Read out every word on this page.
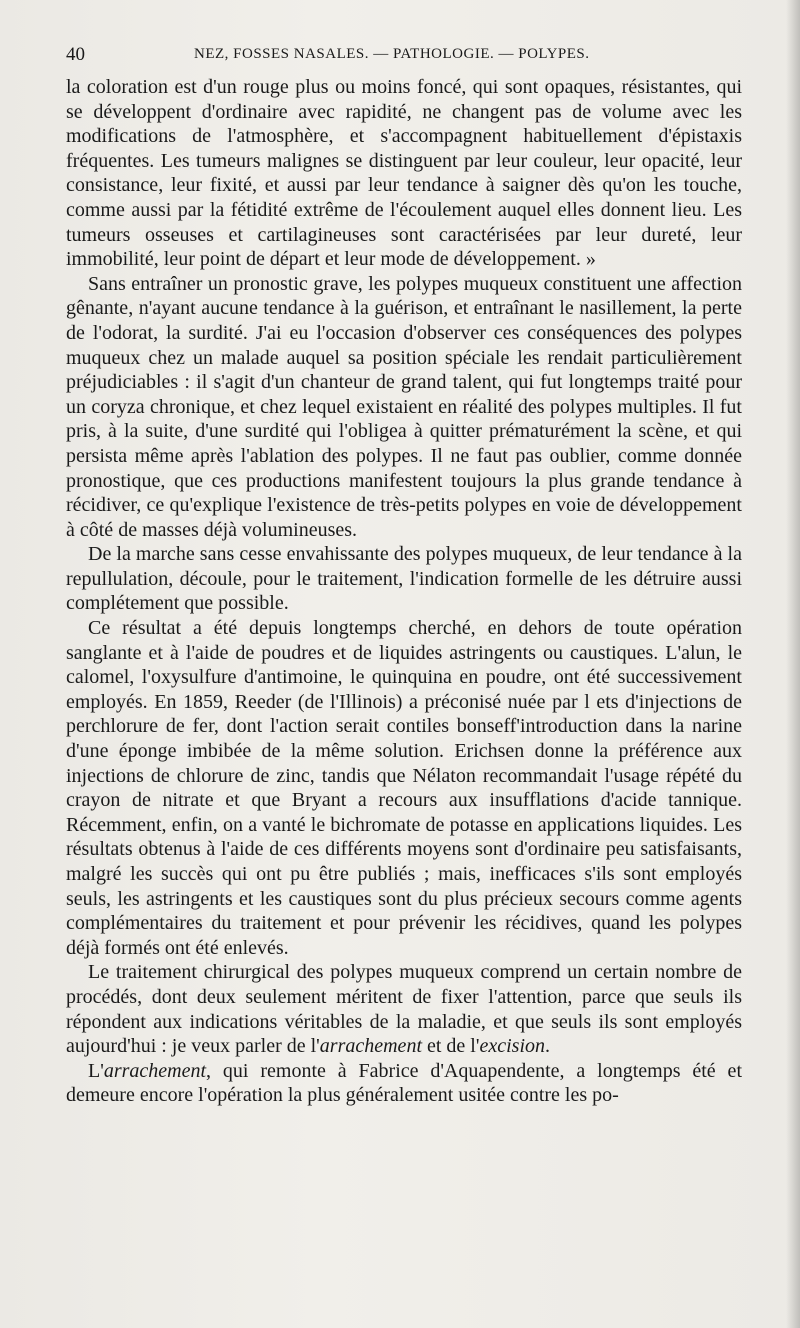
40	NEZ, FOSSES NASALES. — PATHOLOGIE. — POLYPES.

la coloration est d'un rouge plus ou moins foncé, qui sont opaques, résistantes, qui se développent d'ordinaire avec rapidité, ne changent pas de volume avec les modifications de l'atmosphère, et s'accompagnent habituellement d'épistaxis fréquentes. Les tumeurs malignes se distinguent par leur couleur, leur opacité, leur consistance, leur fixité, et aussi par leur tendance à saigner dès qu'on les touche, comme aussi par la fétidité extrême de l'écoulement auquel elles donnent lieu. Les tumeurs osseuses et cartilagineuses sont caractérisées par leur dureté, leur immobilité, leur point de départ et leur mode de développement. »

Sans entraîner un pronostic grave, les polypes muqueux constituent une affection gênante, n'ayant aucune tendance à la guérison, et entraînant le nasillement, la perte de l'odorat, la surdité. J'ai eu l'occasion d'observer ces conséquences des polypes muqueux chez un malade auquel sa position spéciale les rendait particulièrement préjudiciables : il s'agit d'un chanteur de grand talent, qui fut longtemps traité pour un coryza chronique, et chez lequel existaient en réalité des polypes multiples. Il fut pris, à la suite, d'une surdité qui l'obligea à quitter prématurément la scène, et qui persista même après l'ablation des polypes. Il ne faut pas oublier, comme donnée pronostique, que ces productions manifestent toujours la plus grande tendance à récidiver, ce qu'explique l'existence de très-petits polypes en voie de développement à côté de masses déjà volumineuses.

De la marche sans cesse envahissante des polypes muqueux, de leur tendance à la repullulation, découle, pour le traitement, l'indication formelle de les détruire aussi complétement que possible.

Ce résultat a été depuis longtemps cherché, en dehors de toute opération sanglante et à l'aide de poudres et de liquides astringents ou caustiques. L'alun, le calomel, l'oxysulfure d'antimoine, le quinquina en poudre, ont été successivement employés. En 1859, Reeder (de l'Illinois) a préconisé nuée par l ets d'injections de perchlorure de fer, dont l'action serait contiles bonseff'introduction dans la narine d'une éponge imbibée de la même solution. Erichsen donne la préférence aux injections de chlorure de zinc, tandis que Nélaton recommandait l'usage répété du crayon de nitrate et que Bryant a recours aux insufflations d'acide tannique. Récemment, enfin, on a vanté le bichromate de potasse en applications liquides. Les résultats obtenus à l'aide de ces différents moyens sont d'ordinaire peu satisfaisants, malgré les succès qui ont pu être publiés ; mais, inefficaces s'ils sont employés seuls, les astringents et les caustiques sont du plus précieux secours comme agents complémentaires du traitement et pour prévenir les récidives, quand les polypes déjà formés ont été enlevés.

Le traitement chirurgical des polypes muqueux comprend un certain nombre de procédés, dont deux seulement méritent de fixer l'attention, parce que seuls ils répondent aux indications véritables de la maladie, et que seuls ils sont employés aujourd'hui : je veux parler de l'arrachement et de l'excision.

L'arrachement, qui remonte à Fabrice d'Aquapendente, a longtemps été et demeure encore l'opération la plus généralement usitée contre les po-
